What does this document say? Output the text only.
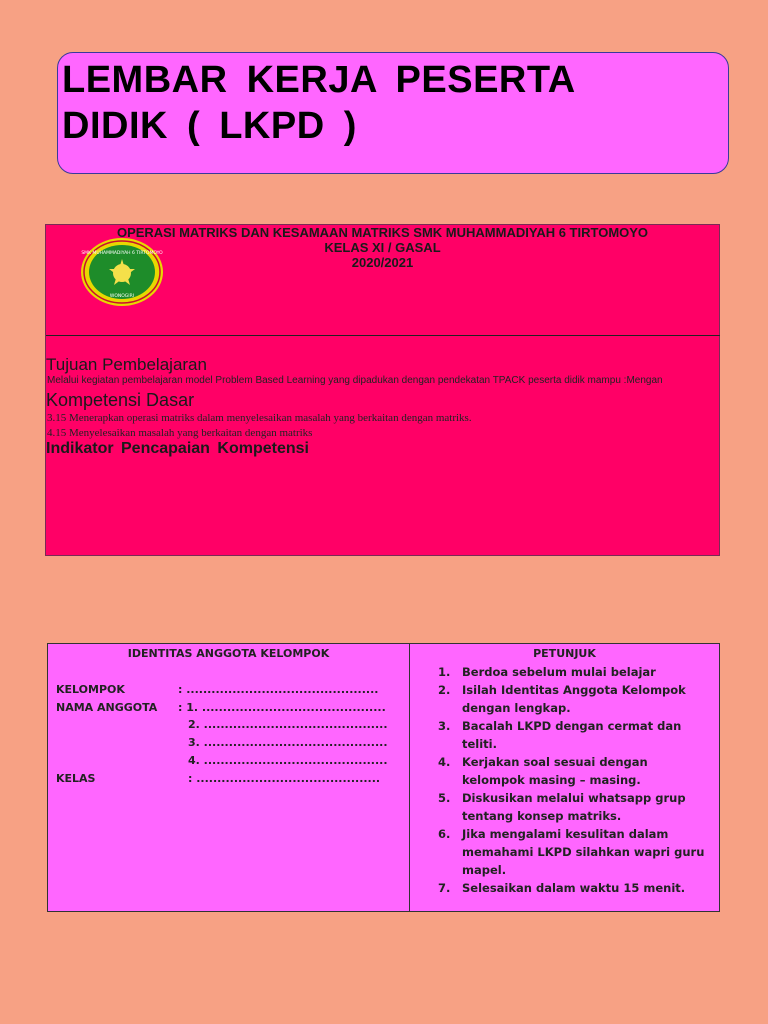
LEMBAR KERJA PESERTA
DIDIK ( LKPD )
OPERASI MATRIKS DAN KESAMAAN MATRIKS SMK MUHAMMADIYAH 6 TIRTOMOYO
KELAS XI / GASAL
2020/2021
SMK MUHAMMADIYAH 6 TIRTOMOYO
WONOGIRI
Tujuan Pembelajaran
Melalui kegiatan pembelajaran model Problem Based Learning yang dipadukan dengan pendekatan TPACK peserta didik mampu :Mengan
Kompetensi Dasar
3.15 Menerapkan operasi matriks dalam menyelesaikan masalah yang berkaitan dengan matriks.
4.15 Menyelesaikan masalah yang berkaitan dengan matriks
Indikator Pencapaian Kompetensi
IDENTITAS ANGGOTA KELOMPOK
KELOMPOK	: ..............................................
NAMA ANGGOTA : 1. ............................................
2. ............................................
3. ............................................
4. ............................................
KELAS	: ............................................
PETUNJUK
1. Berdoa sebelum mulai belajar
2. Isilah Identitas Anggota Kelompok dengan lengkap.
3. Bacalah LKPD dengan cermat dan teliti.
4. Kerjakan soal sesuai dengan kelompok masing – masing.
5. Diskusikan melalui whatsapp grup tentang konsep matriks.
6. Jika mengalami kesulitan dalam memahami LKPD silahkan wapri guru mapel.
7. Selesaikan dalam waktu 15 menit.
